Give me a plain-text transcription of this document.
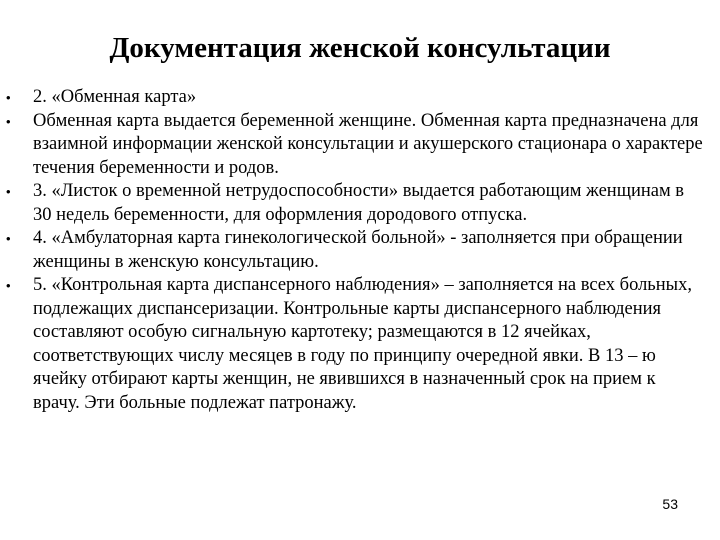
Документация женской консультации
• 2. «Обменная карта»
• Обменная карта выдается беременной женщине. Обменная карта предназначена для взаимной информации женской консультации и акушерского стационара о характере течения беременности и родов.
• 3. «Листок о временной нетрудоспособности» выдается работающим женщинам в 30 недель беременности, для оформления дородового отпуска.
• 4. «Амбулаторная карта гинекологической больной» - заполняется при обращении женщины в женскую консультацию.
• 5. «Контрольная карта диспансерного наблюдения» – заполняется на всех больных, подлежащих диспансеризации. Контрольные карты диспансерного наблюдения составляют особую сигнальную картотеку; размещаются в 12 ячейках, соответствующих числу месяцев в году по принципу очередной явки. В 13 – ю ячейку отбирают карты женщин, не явившихся в назначенный срок на прием к врачу. Эти больные подлежат патронажу.
53
